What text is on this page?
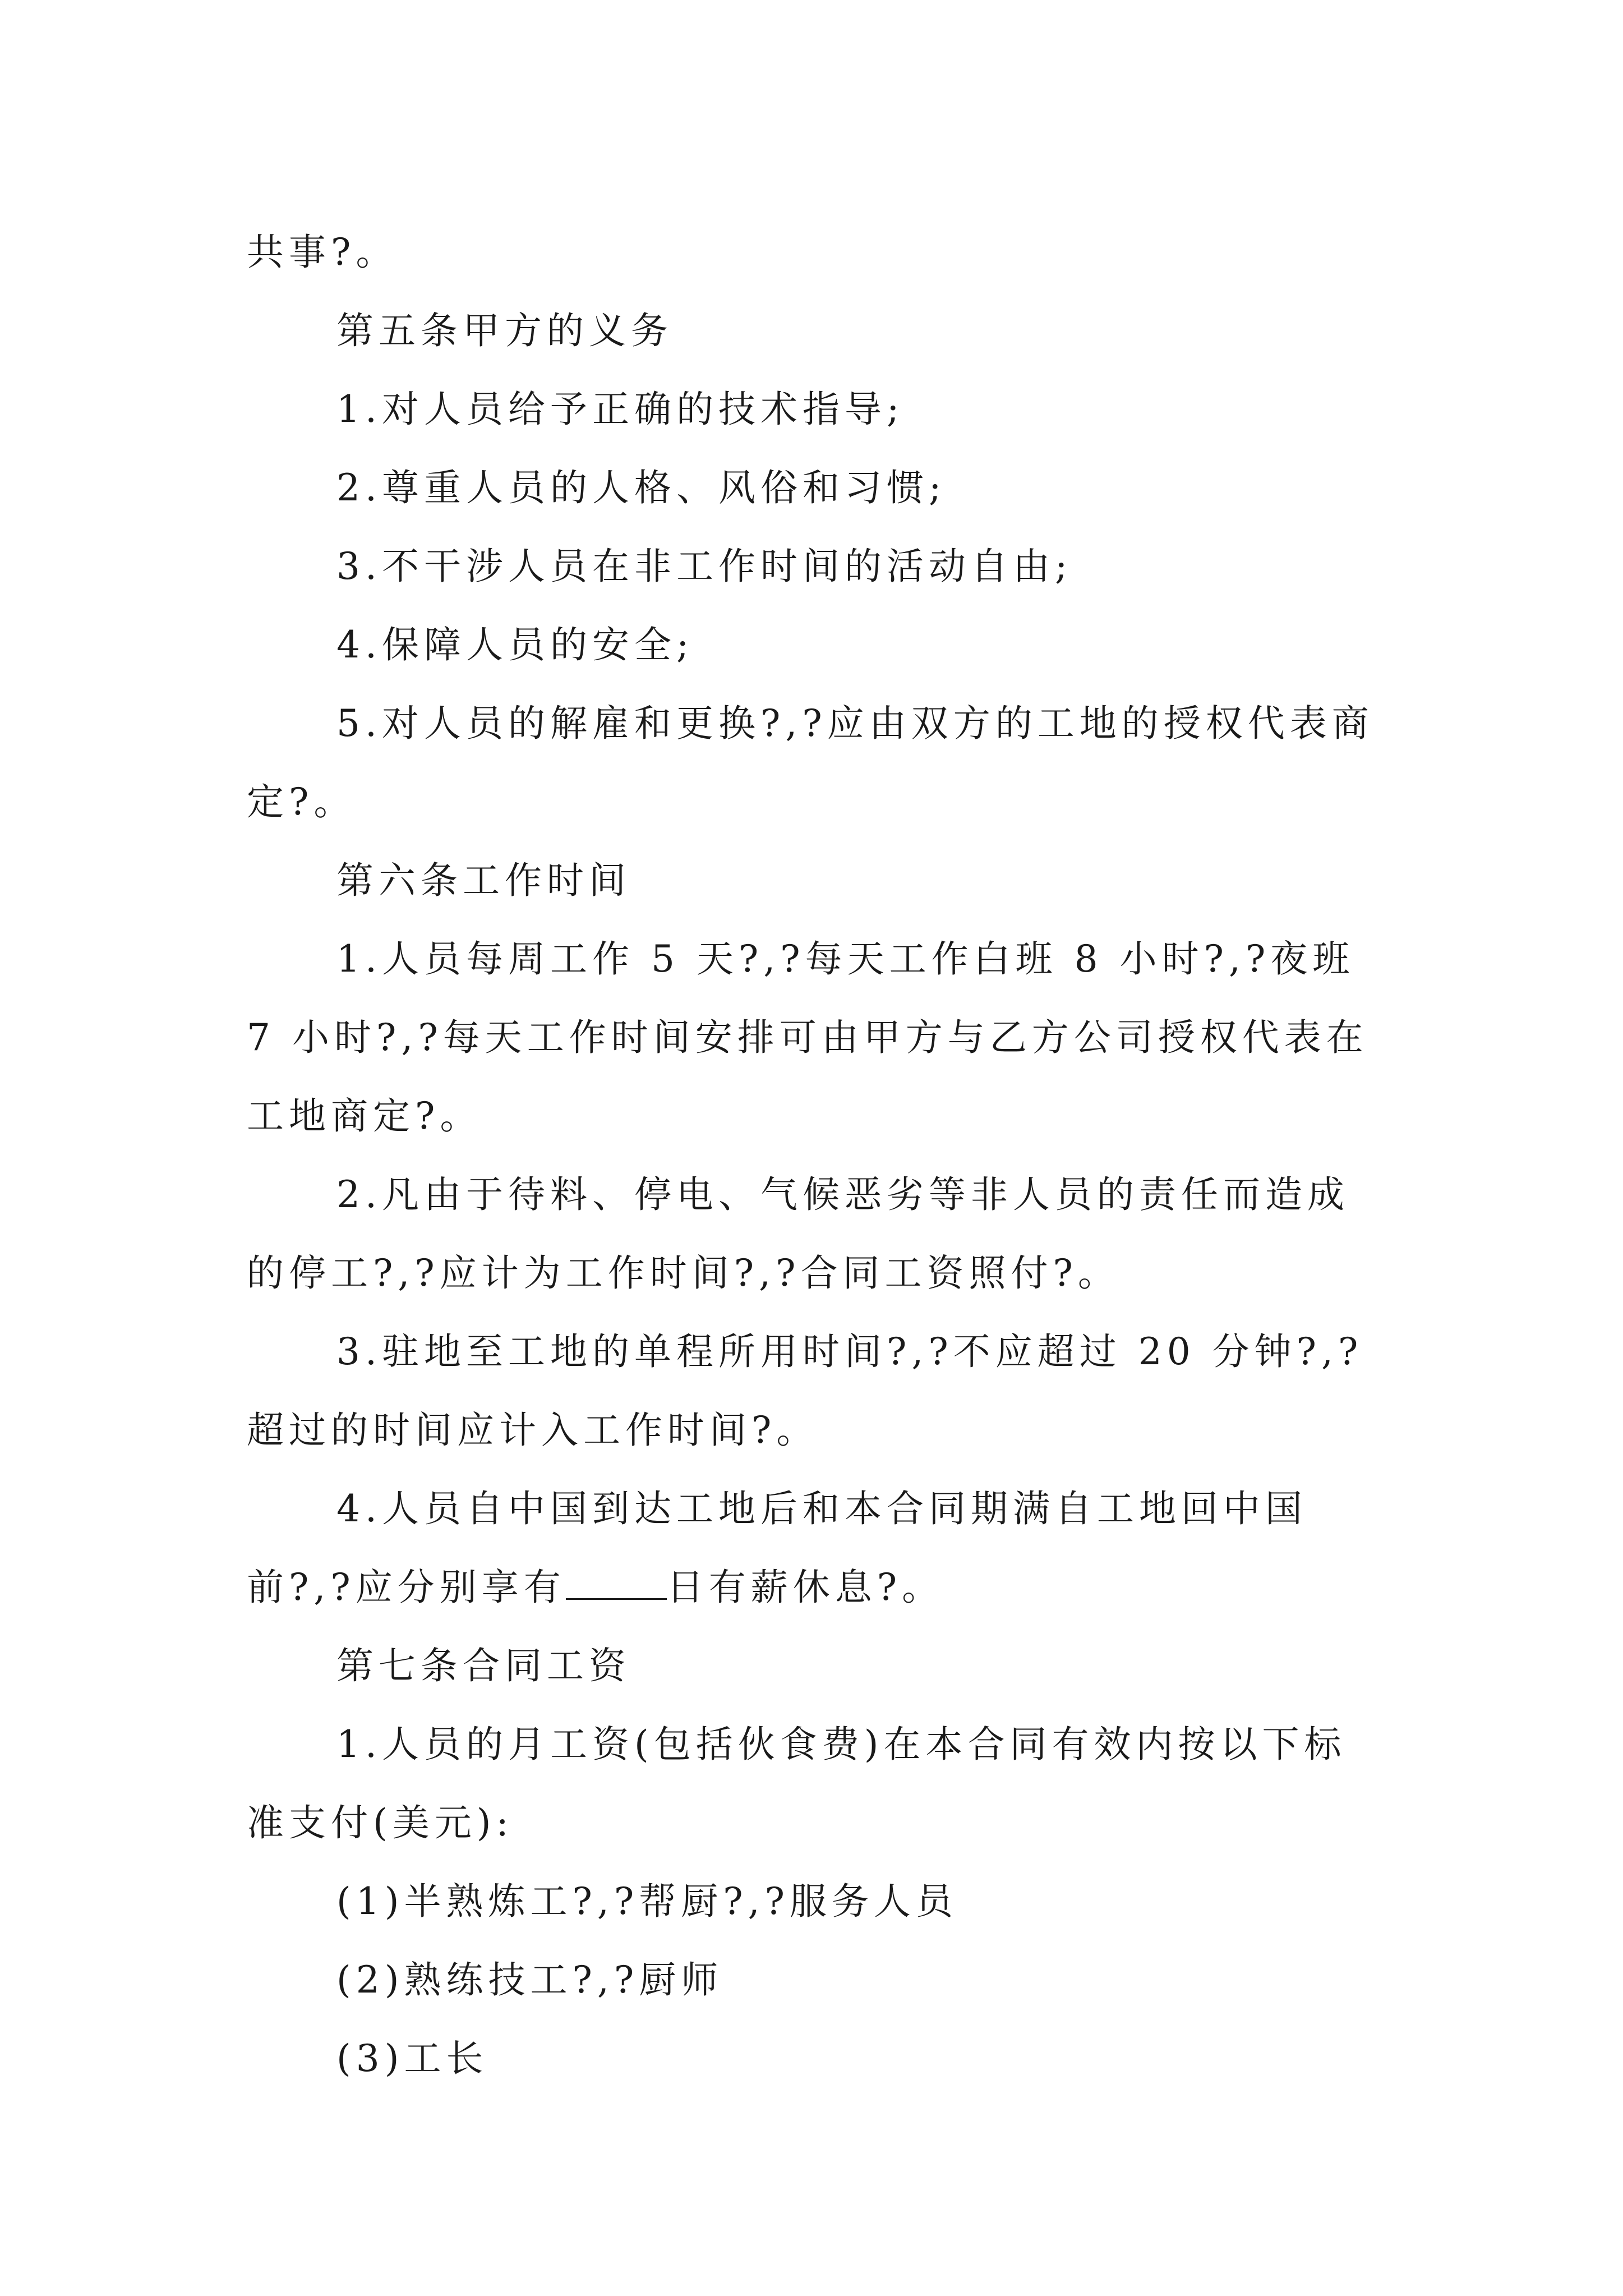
共事?。

第五条甲方的义务

1.对人员给予正确的技术指导;

2.尊重人员的人格、风俗和习惯;

3.不干涉人员在非工作时间的活动自由;

4.保障人员的安全;

5.对人员的解雇和更换?,?应由双方的工地的授权代表商定?。

第六条工作时间

1.人员每周工作 5 天?,?每天工作白班 8 小时?,?夜班 7 小时?,?每天工作时间安排可由甲方与乙方公司授权代表在工地商定?。

2.凡由于待料、停电、气候恶劣等非人员的责任而造成的停工?,?应计为工作时间?,?合同工资照付?。

3.驻地至工地的单程所用时间?,?不应超过 20 分钟?,?超过的时间应计入工作时间?。

4.人员自中国到达工地后和本合同期满自工地回中国前?,?应分别享有	日有薪休息?。

第七条合同工资

1.人员的月工资(包括伙食费)在本合同有效内按以下标准支付(美元):

(1)半熟炼工?,?帮厨?,?服务人员

(2)熟练技工?,?厨师

(3)工长
